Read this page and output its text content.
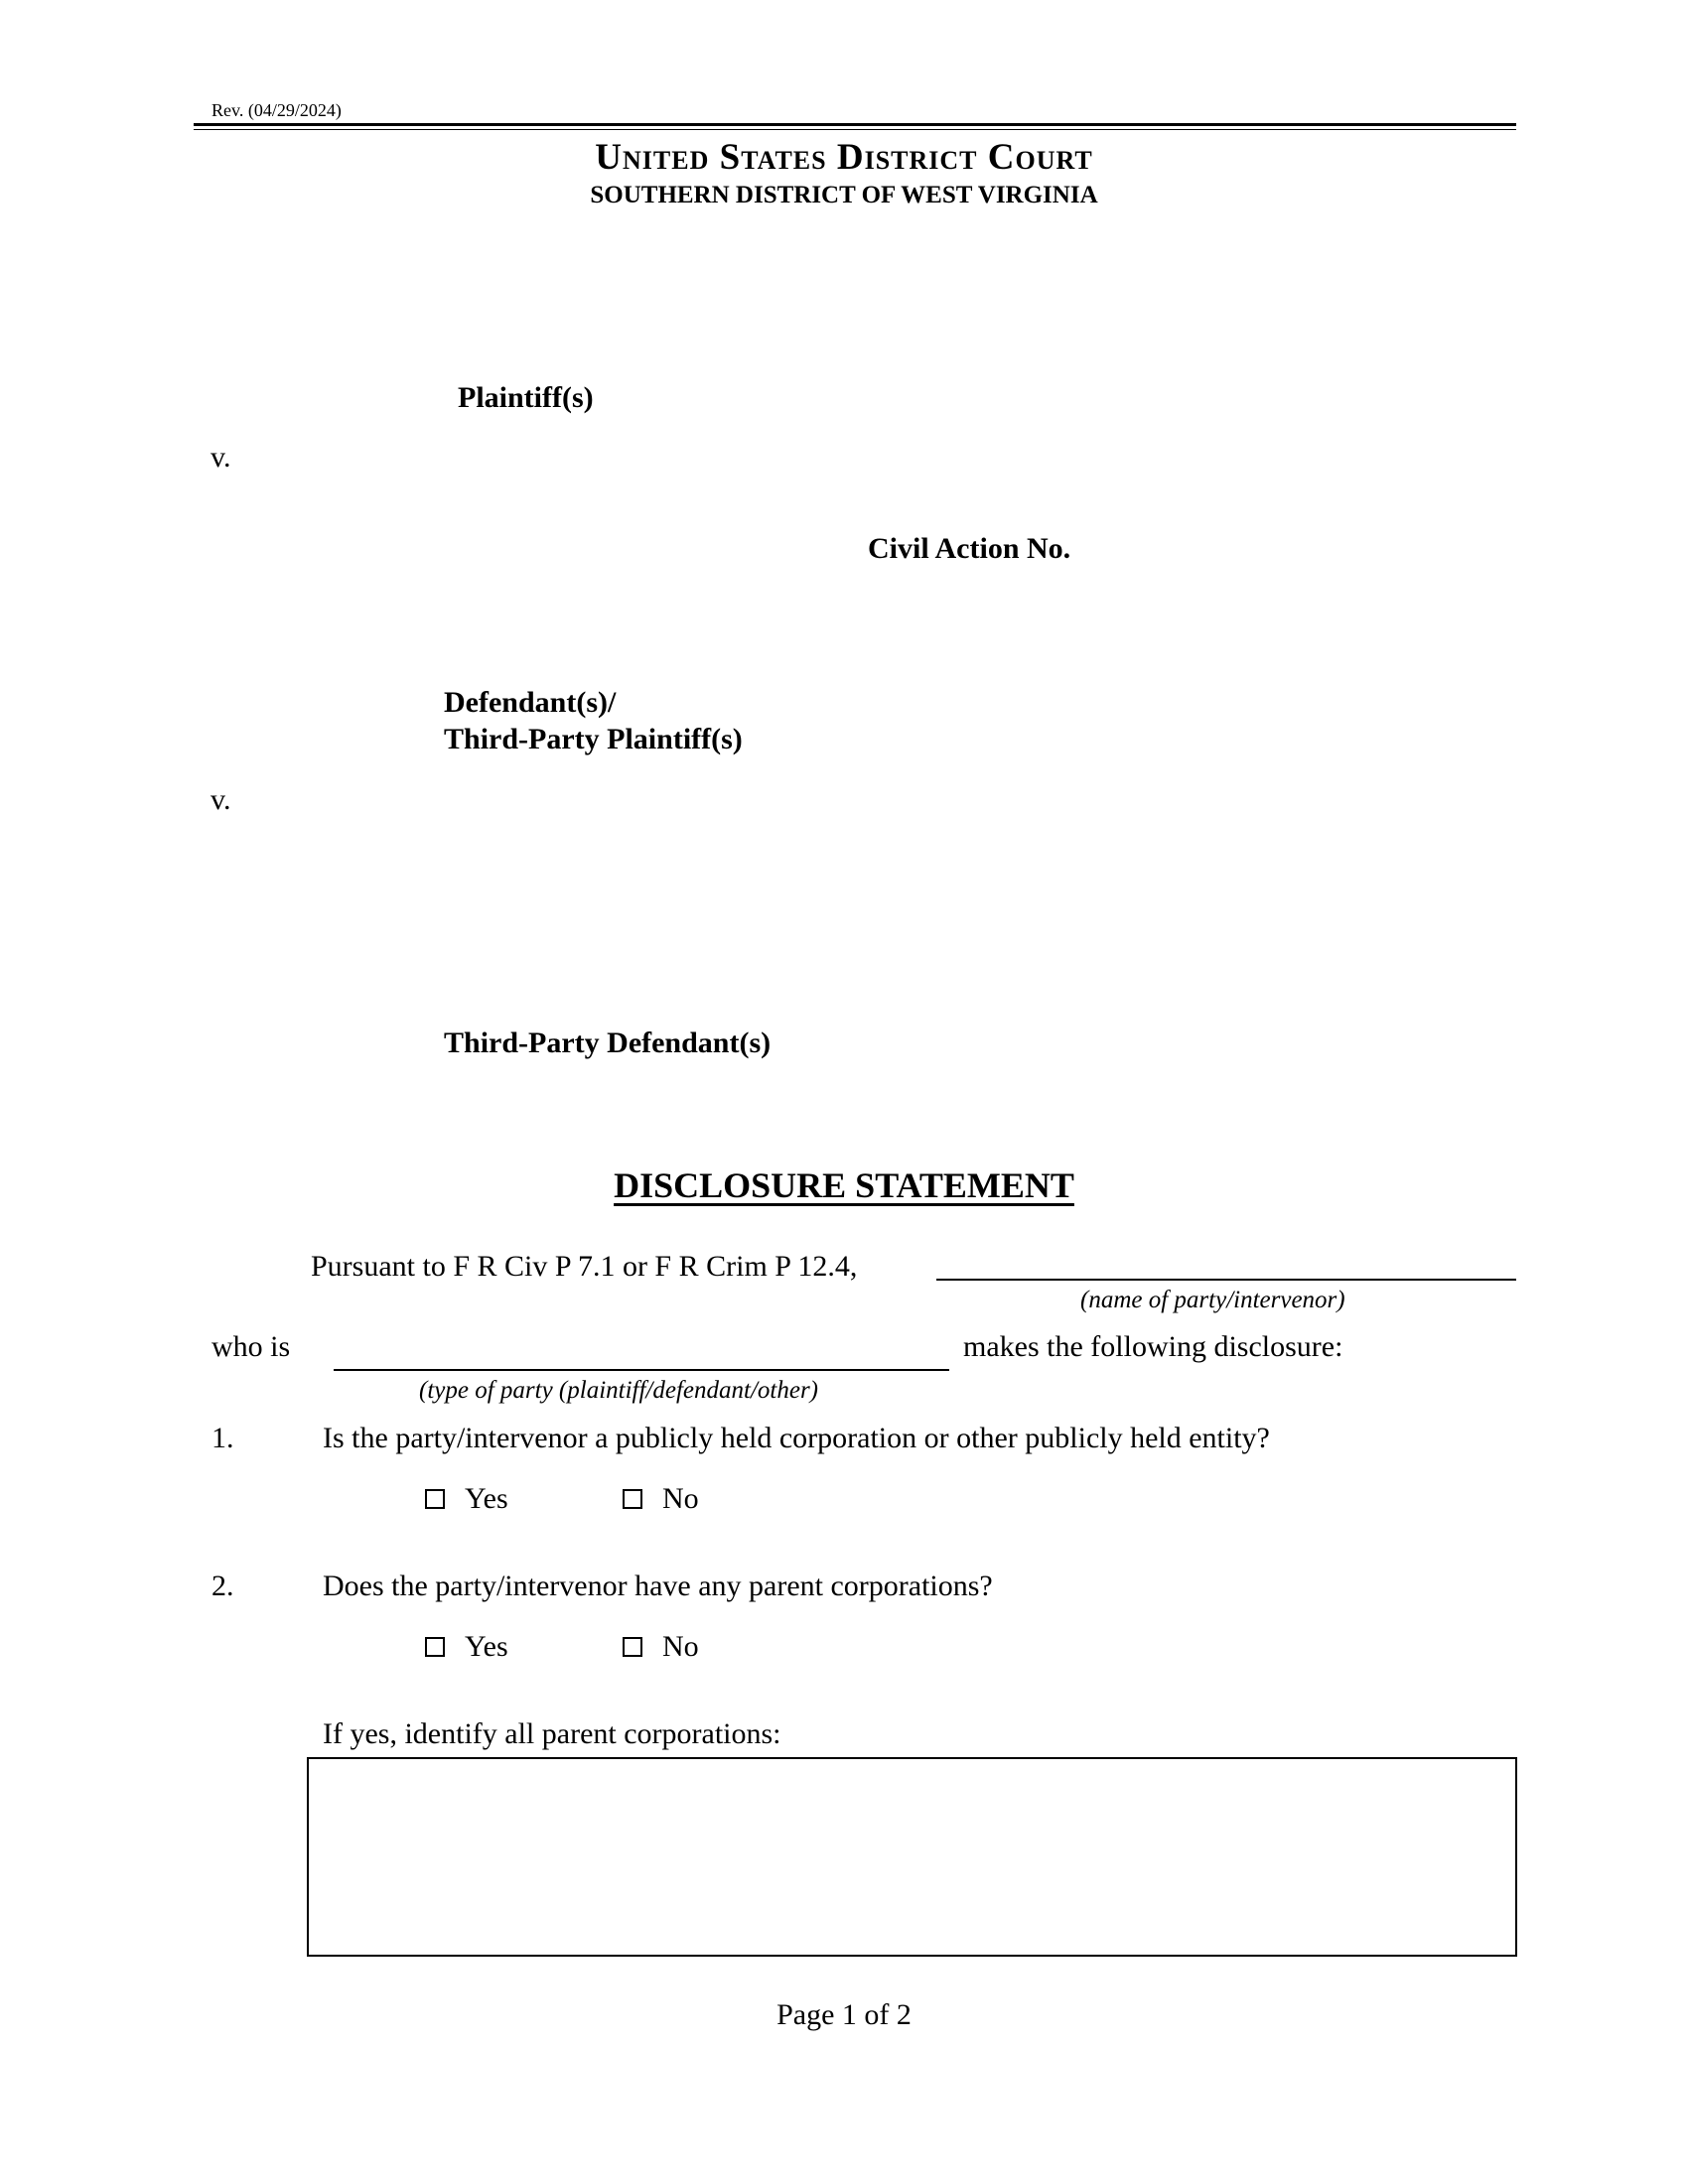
Rev. (04/29/2024)
United States District Court
SOUTHERN DISTRICT OF WEST VIRGINIA
Plaintiff(s)
v.
Civil Action No.
Defendant(s)/
Third-Party Plaintiff(s)
v.
Third-Party Defendant(s)
DISCLOSURE STATEMENT
Pursuant to F R Civ P 7.1 or F R Crim P 12.4,
(name of party/intervenor)
who is	makes the following disclosure:
(type of party (plaintiff/defendant/other)
1.	Is the party/intervenor a publicly held corporation or other publicly held entity?
Yes	No
2.	Does the party/intervenor have any parent corporations?
Yes	No
If yes, identify all parent corporations:
Page 1 of 2
